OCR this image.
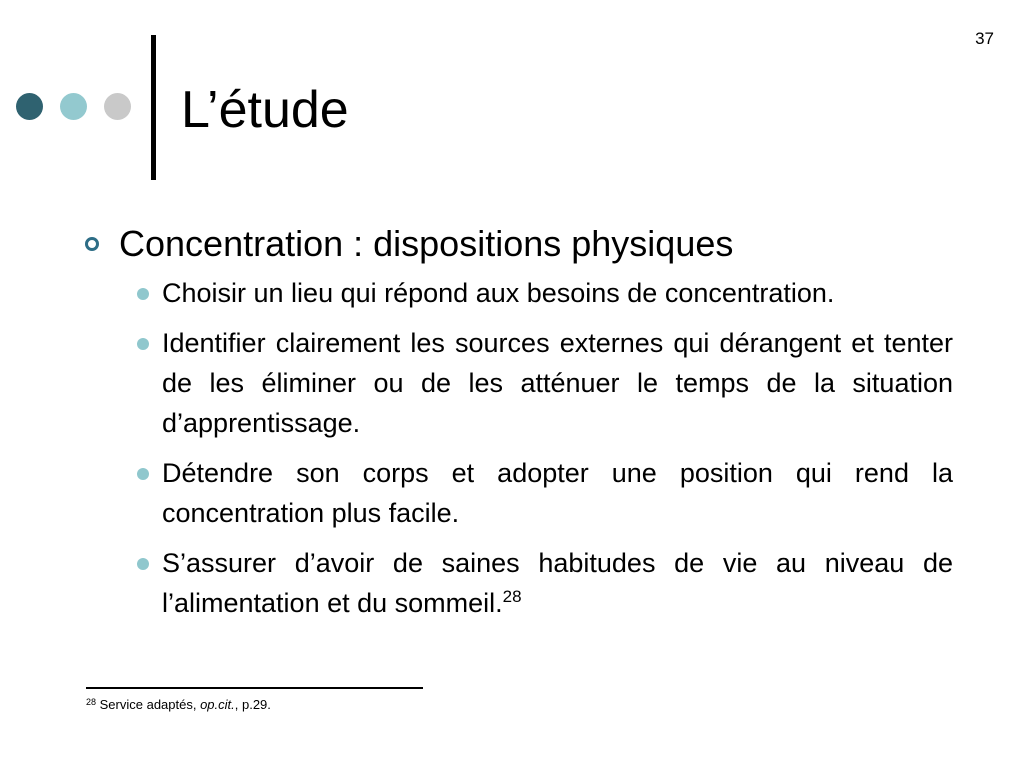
37
L’étude
Concentration : dispositions physiques
Choisir un lieu qui répond aux besoins de concentration.
Identifier clairement les sources externes qui dérangent et tenter de les éliminer ou de les atténuer le temps de la situation d’apprentissage.
Détendre son corps et adopter une position qui rend la concentration plus facile.
S’assurer d’avoir de saines habitudes de vie au niveau de l’alimentation et du sommeil.$^{28}$
$^{28}$ Service adaptés, op.cit., p.29.
